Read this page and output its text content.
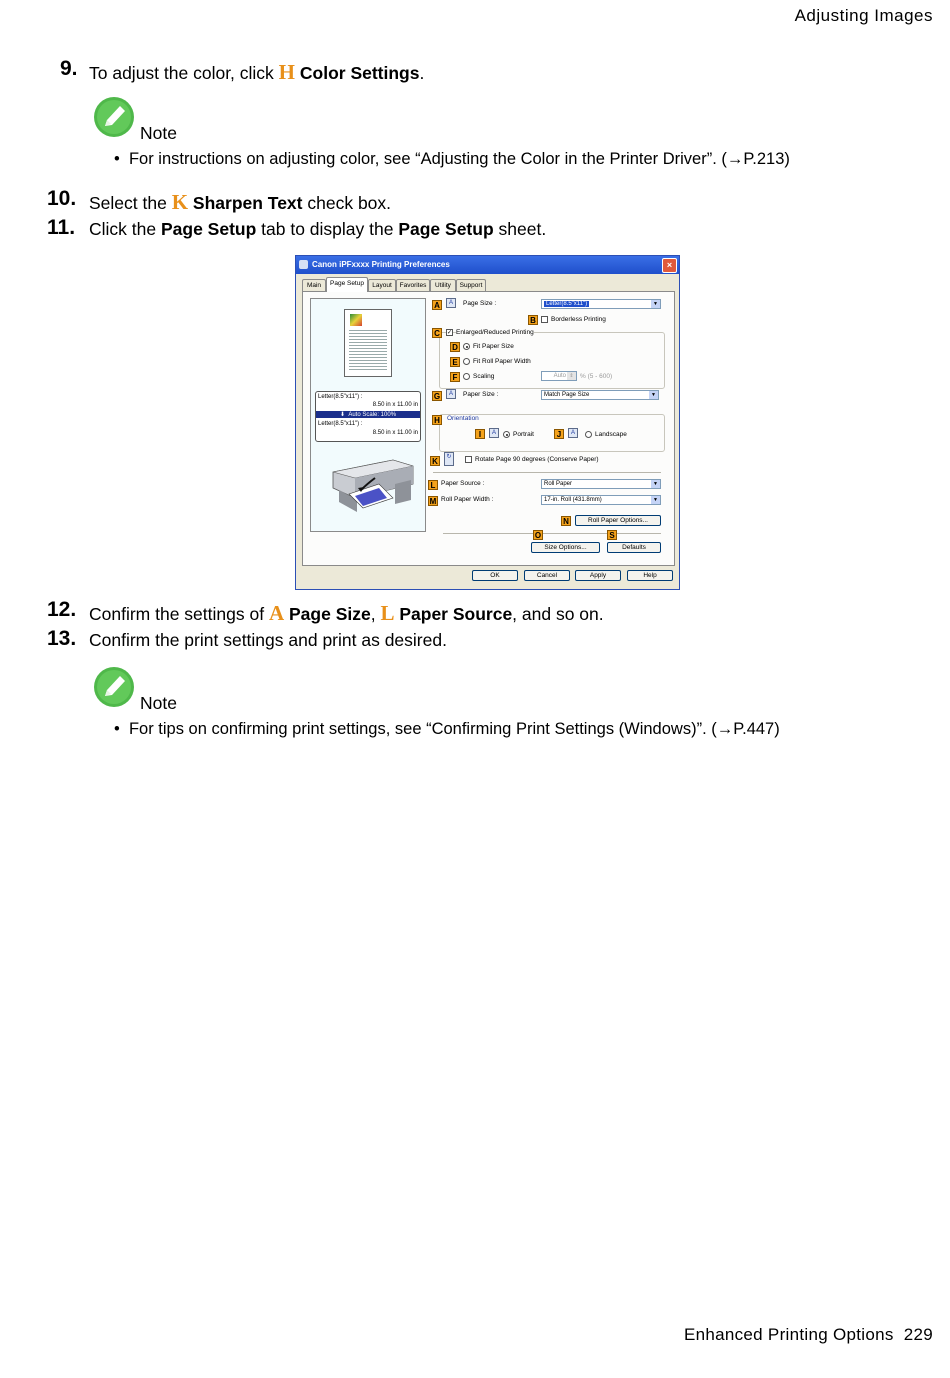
Adjusting Images
Enhanced Printing Options 229
9. To adjust the color, click H Color Settings.
Note
• For instructions on adjusting color, see “Adjusting the Color in the Printer Driver”. (→P.213)
10. Select the K Sharpen Text check box.
11. Click the Page Setup tab to display the Page Setup sheet.
Canon iPFxxxx Printing Preferences	×
Main	Page Setup	Layout	Favorites	Utility	Support
Letter(8.5"x11") :
8.50 in x 11.00 in
⬇  Auto Scale: 100%
Letter(8.5"x11") :
8.50 in x 11.00 in
A	A	Page Size :	Letter(8.5"x11")	▼
B	Borderless Printing
C	✓ Enlarged/Reduced Printing
D	Fit Paper Size
E	Fit Roll Paper Width
F	Scaling	Auto ⇕ % (5 - 600)
G	A	Paper Size :	Match Page Size	▼
H	Orientation
I	A	Portrait	J	A	Landscape
K	↻	Rotate Page 90 degrees (Conserve Paper)
L Paper Source :	Roll Paper	▼
M Roll Paper Width :	17-in. Roll (431.8mm)	▼
N	Roll Paper Options...
O	S
Size Options...	Defaults
OK	Cancel	Apply	Help
12. Confirm the settings of A Page Size, L Paper Source, and so on.
13. Confirm the print settings and print as desired.
Note
• For tips on confirming print settings, see “Confirming Print Settings (Windows)”. (→P.447)
